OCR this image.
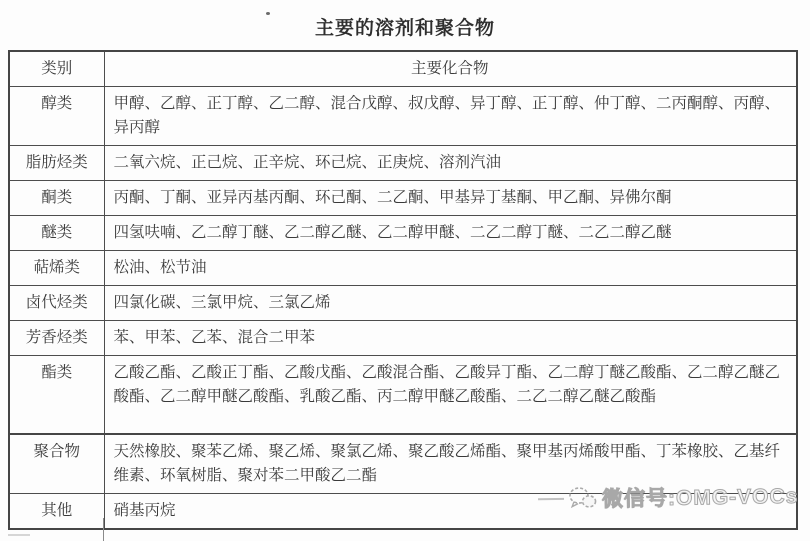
主要的溶剂和聚合物
类别	主要化合物
醇类	甲醇、乙醇、正丁醇、乙二醇、混合戊醇、叔戊醇、异丁醇、正丁醇、仲丁醇、二丙酮醇、丙醇、异丙醇
脂肪烃类	二氧六烷、正己烷、正辛烷、环己烷、正庚烷、溶剂汽油
酮类	丙酮、丁酮、亚异丙基丙酮、环己酮、二乙酮、甲基异丁基酮、甲乙酮、异佛尔酮
醚类	四氢呋喃、乙二醇丁醚、乙二醇乙醚、乙二醇甲醚、二乙二醇丁醚、二乙二醇乙醚
萜烯类	松油、松节油
卤代烃类	四氯化碳、三氯甲烷、三氯乙烯
芳香烃类	苯、甲苯、乙苯、混合二甲苯
酯类	乙酸乙酯、乙酸正丁酯、乙酸戊酯、乙酸混合酯、乙酸异丁酯、乙二醇丁醚乙酸酯、乙二醇乙醚乙酸酯、乙二醇甲醚乙酸酯、乳酸乙酯、丙二醇甲醚乙酸酯、二乙二醇乙醚乙酸酯
聚合物	天然橡胶、聚苯乙烯、聚乙烯、聚氯乙烯、聚乙酸乙烯酯、聚甲基丙烯酸甲酯、丁苯橡胶、乙基纤维素、环氧树脂、聚对苯二甲酸乙二酯
其他	硝基丙烷	微信号:OMG-VOCs
